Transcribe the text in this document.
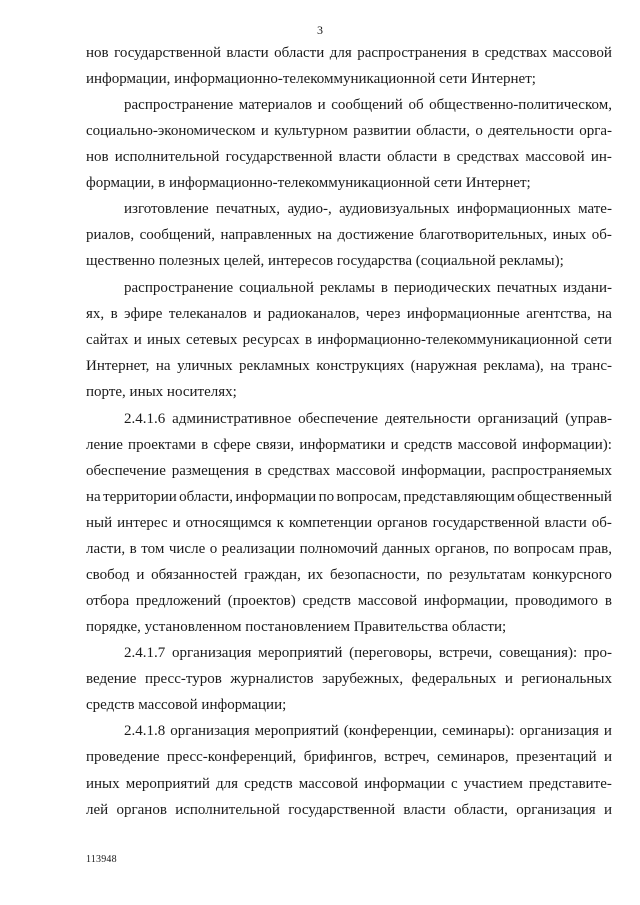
3
нов государственной власти области для распространения в средствах массовой
информации, информационно-телекоммуникационной сети Интернет;
распространение материалов и сообщений об общественно-политическом,
социально-экономическом и культурном развитии области, о деятельности орга-
нов исполнительной государственной власти области в средствах массовой ин-
формации, в информационно-телекоммуникационной сети Интернет;
изготовление печатных, аудио-, аудиовизуальных информационных мате-
риалов, сообщений, направленных на достижение благотворительных, иных об-
щественно полезных целей, интересов государства (социальной рекламы);
распространение социальной рекламы в периодических печатных издани-
ях, в эфире телеканалов и радиоканалов, через информационные агентства, на
сайтах и иных сетевых ресурсах в информационно-телекоммуникационной сети
Интернет, на уличных рекламных конструкциях (наружная реклама), на транс-
порте, иных носителях;
2.4.1.6 административное обеспечение деятельности организаций (управ-
ление проектами в сфере связи, информатики и средств массовой информации):
обеспечение размещения в средствах массовой информации, распространяемых
на территории области, информации по вопросам, представляющим общественный
ный интерес и относящимся к компетенции органов государственной власти об-
ласти, в том числе о реализации полномочий данных органов, по вопросам прав,
свобод и обязанностей граждан, их безопасности, по результатам конкурсного
отбора предложений (проектов) средств массовой информации, проводимого в
порядке, установленном постановлением Правительства области;
2.4.1.7 организация мероприятий (переговоры, встречи, совещания): про-
ведение пресс-туров журналистов зарубежных, федеральных и региональных
средств массовой информации;
2.4.1.8 организация мероприятий (конференции, семинары): организация и
проведение пресс-конференций, брифингов, встреч, семинаров, презентаций и
иных мероприятий для средств массовой информации с участием представите-
лей органов исполнительной государственной власти области, организация и
113948
